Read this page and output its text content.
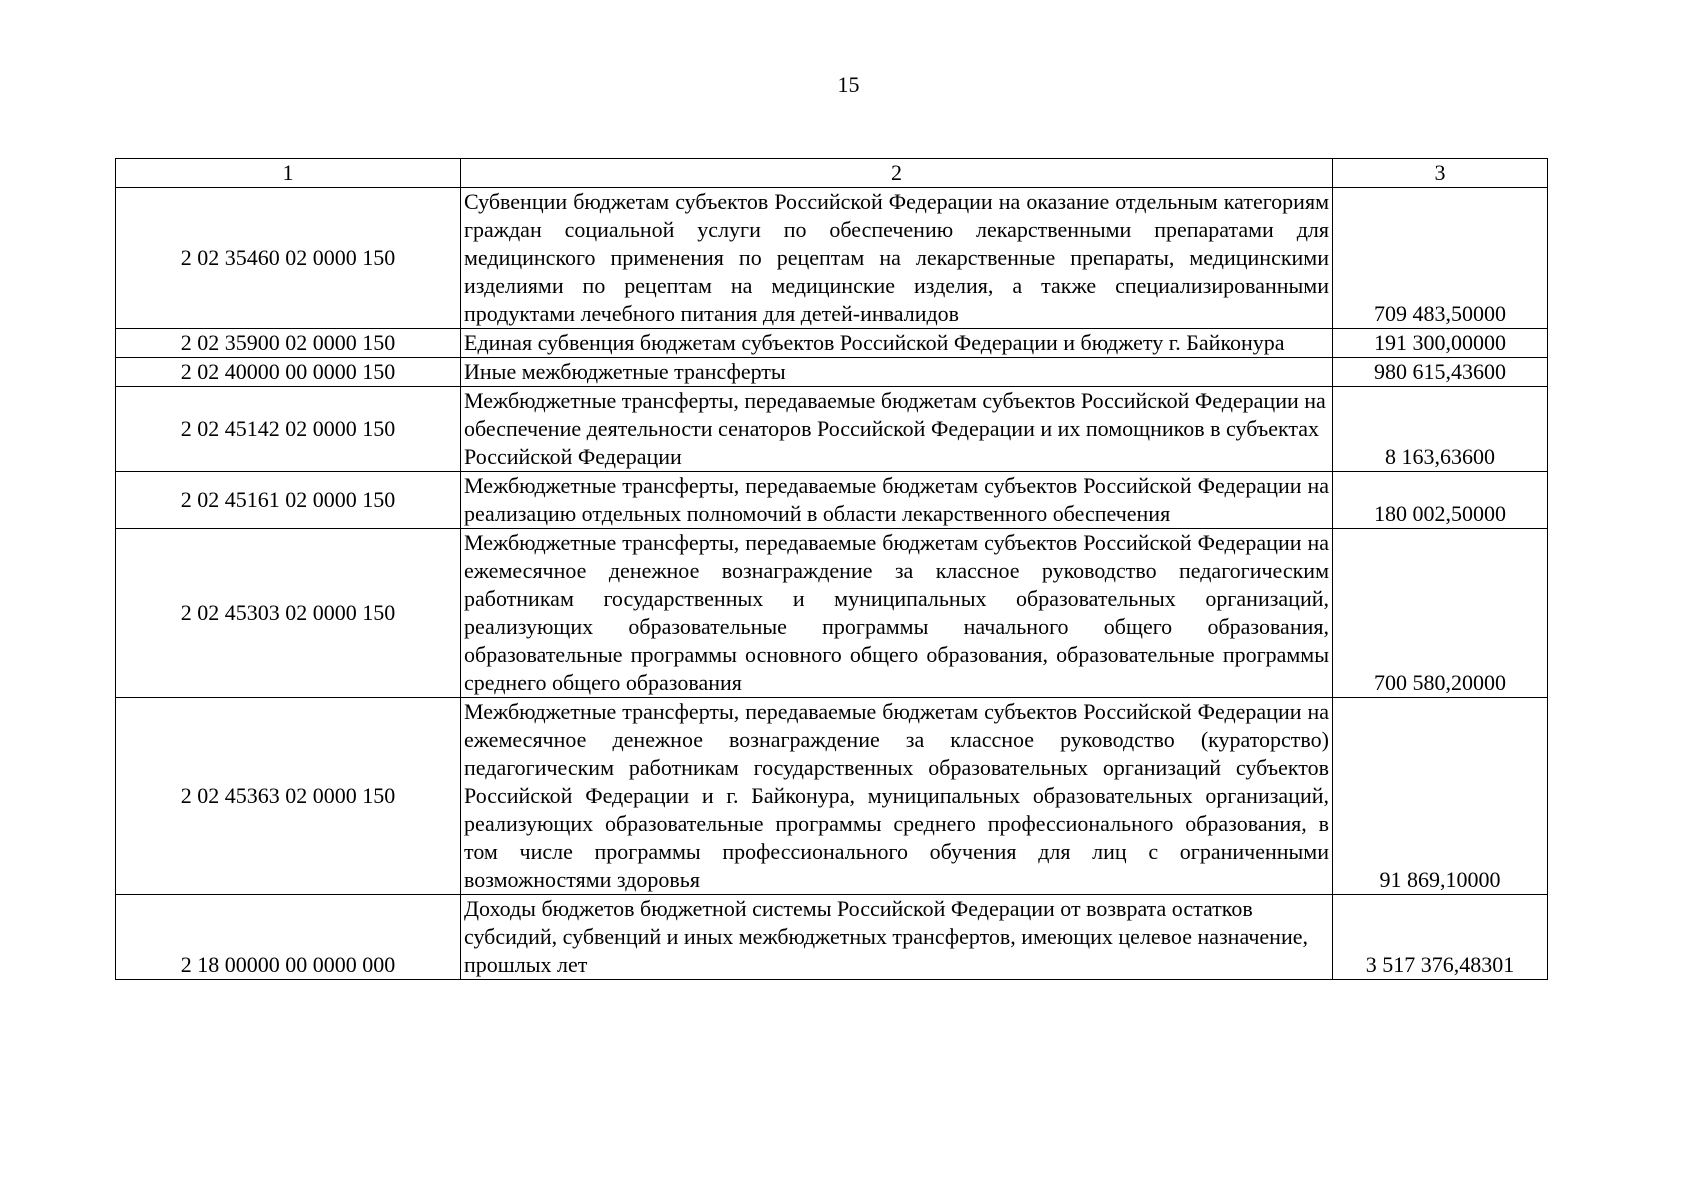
15
1	2	3
2 02 35460 02 0000 150	Субвенции бюджетам субъектов Российской Федерации на оказание отдельным категориям граждан социальной услуги по обеспечению лекарственными препаратами для медицинского применения по рецептам на лекарственные препараты, медицинскими изделиями по рецептам на медицинские изделия, а также специализированными продуктами лечебного питания для детей-инвалидов	709 483,50000
2 02 35900 02 0000 150	Единая субвенция бюджетам субъектов Российской Федерации и бюджету г. Байконура	191 300,00000
2 02 40000 00 0000 150	Иные межбюджетные трансферты	980 615,43600
2 02 45142 02 0000 150	Межбюджетные трансферты, передаваемые бюджетам субъектов Российской Федерации на обеспечение деятельности сенаторов Российской Федерации и их помощников в субъектах Российской Федерации	8 163,63600
2 02 45161 02 0000 150	Межбюджетные трансферты, передаваемые бюджетам субъектов Российской Федерации на реализацию отдельных полномочий в области лекарственного обеспечения	180 002,50000
2 02 45303 02 0000 150	Межбюджетные трансферты, передаваемые бюджетам субъектов Российской Федерации на ежемесячное денежное вознаграждение за классное руководство педагогическим работникам государственных и муниципальных образовательных организаций, реализующих образовательные программы начального общего образования, образовательные программы основного общего образования, образовательные программы среднего общего образования	700 580,20000
2 02 45363 02 0000 150	Межбюджетные трансферты, передаваемые бюджетам субъектов Российской Федерации на ежемесячное денежное вознаграждение за классное руководство (кураторство) педагогическим работникам государственных образовательных организаций субъектов Российской Федерации и г. Байконура, муниципальных образовательных организаций, реализующих образовательные программы среднего профессионального образования, в том числе программы профессионального обучения для лиц с ограниченными возможностями здоровья	91 869,10000
2 18 00000 00 0000 000	Доходы бюджетов бюджетной системы Российской Федерации от возврата остатков субсидий, субвенций и иных межбюджетных трансфертов, имеющих целевое назначение, прошлых лет	3 517 376,48301
